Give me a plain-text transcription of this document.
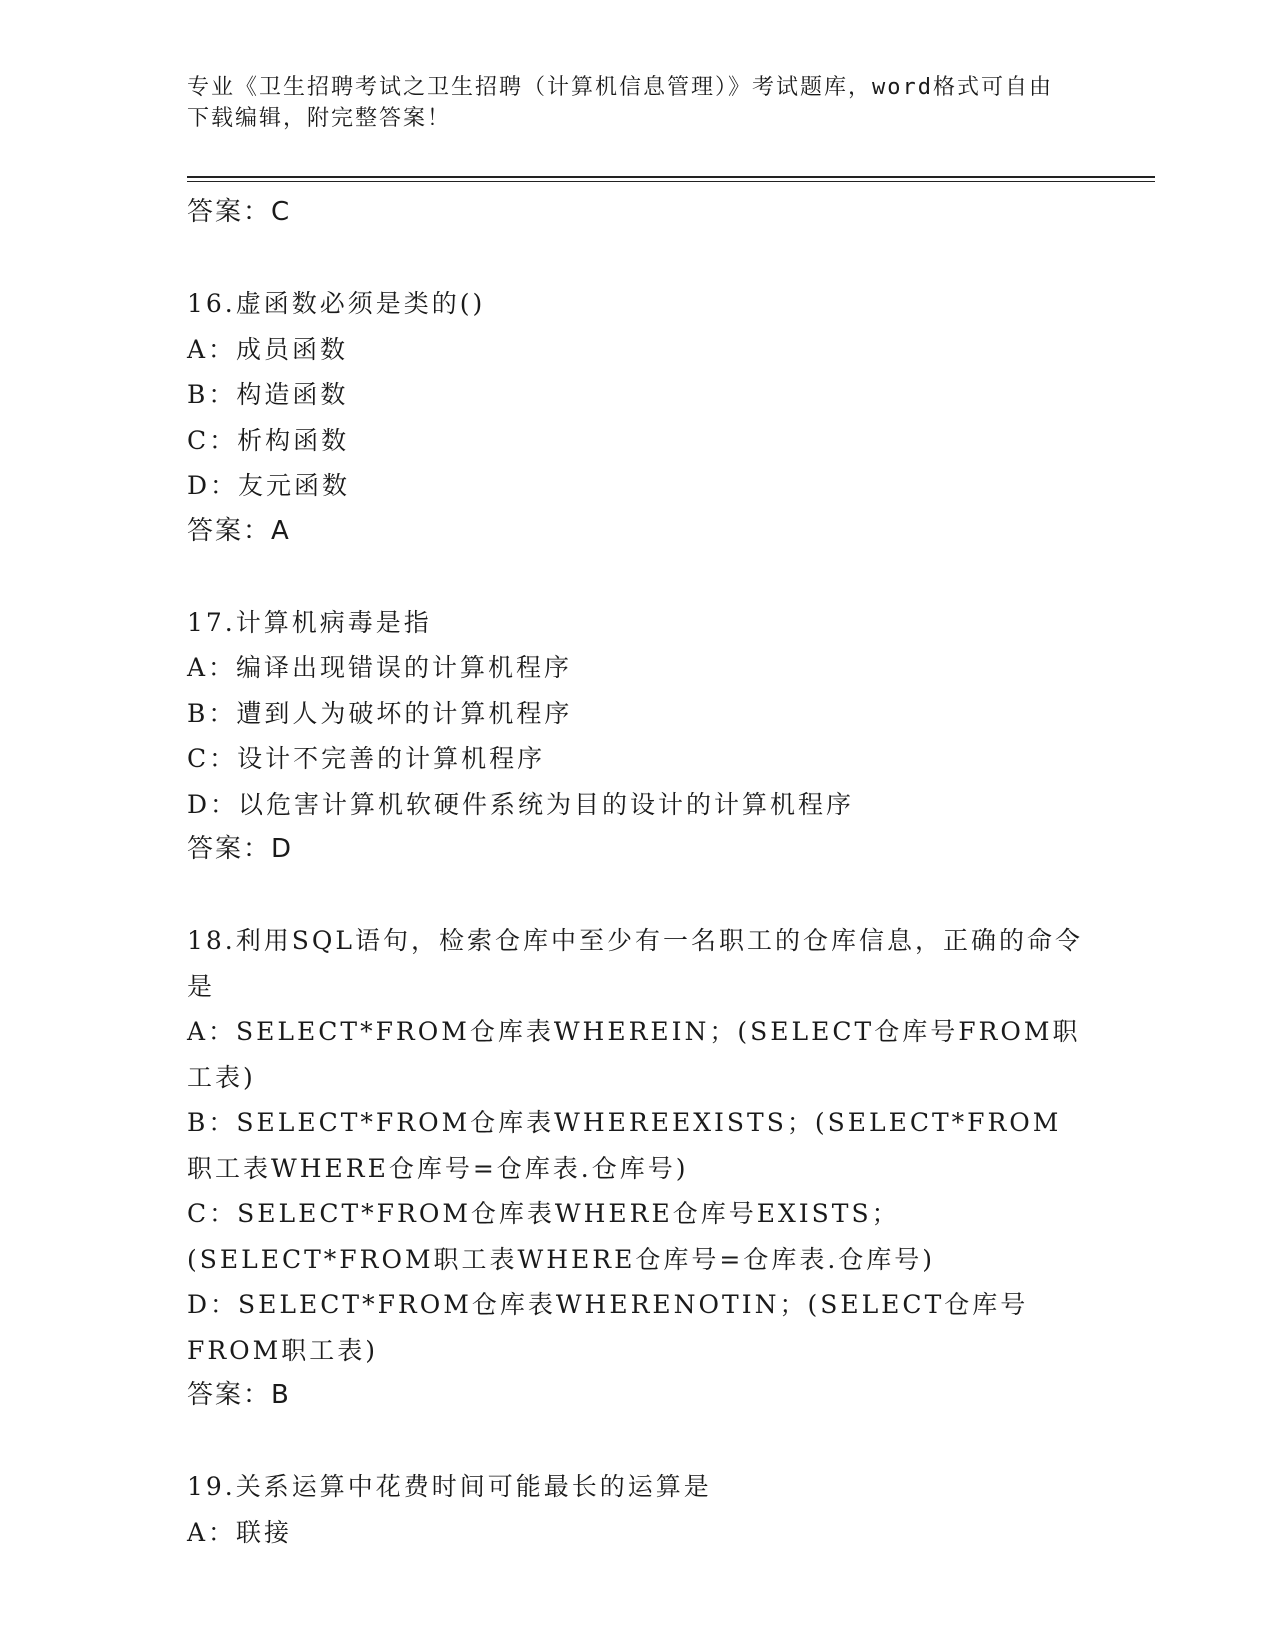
专业《卫生招聘考试之卫生招聘（计算机信息管理）》考试题库，word格式可自由下载编辑，附完整答案！
答案：C
16.虚函数必须是类的()
A：成员函数
B：构造函数
C：析构函数
D：友元函数
答案：A
17.计算机病毒是指
A：编译出现错误的计算机程序
B：遭到人为破坏的计算机程序
C：设计不完善的计算机程序
D：以危害计算机软硬件系统为目的设计的计算机程序
答案：D
18.利用SQL语句，检索仓库中至少有一名职工的仓库信息，正确的命令是
A：SELECT*FROM仓库表WHEREIN；(SELECT仓库号FROM职工表)
B：SELECT*FROM仓库表WHEREEXISTS；(SELECT*FROM职工表WHERE仓库号=仓库表.仓库号)
C：SELECT*FROM仓库表WHERE仓库号EXISTS；(SELECT*FROM职工表WHERE仓库号=仓库表.仓库号)
D：SELECT*FROM仓库表WHERENOTIN；(SELECT仓库号FROM职工表)
答案：B
19.关系运算中花费时间可能最长的运算是
A：联接
